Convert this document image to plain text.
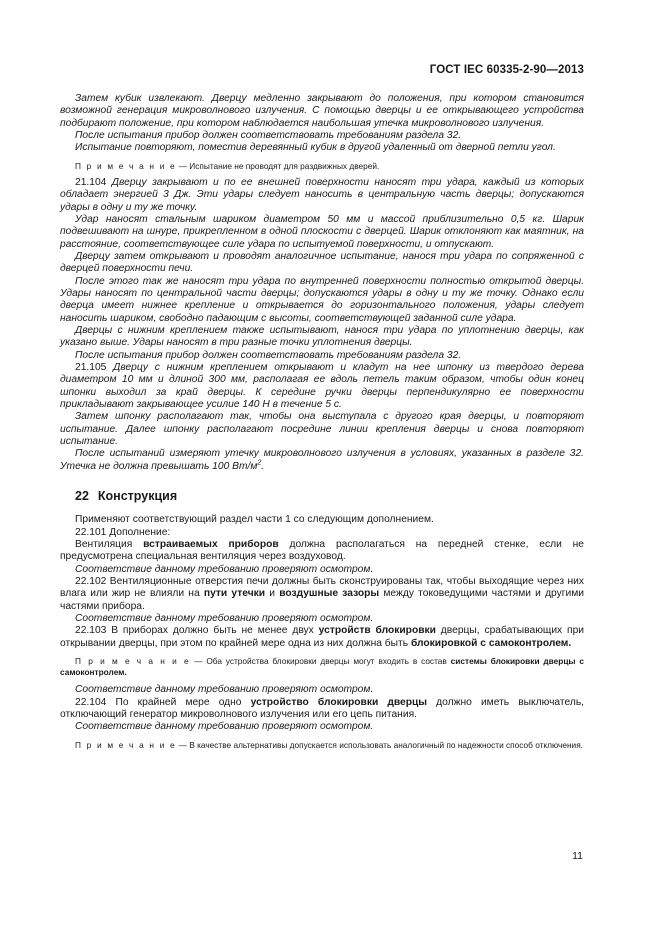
ГОСТ IEC 60335-2-90—2013

Затем кубик извлекают. Дверцу медленно закрывают до положения, при котором становится возможной генерация микроволнового излучения. С помощью дверцы и ее открывающего устройства подбирают положение, при котором наблюдается наибольшая утечка микроволнового излучения.

После испытания прибор должен соответствовать требованиям раздела 32.

Испытание повторяют, поместив деревянный кубик в другой удаленный от дверной петли угол.

П р и м е ч а н и е — Испытание не проводят для раздвижных дверей.

21.104 Дверцу закрывают и по ее внешней поверхности наносят три удара, каждый из которых обладает энергией 3 Дж. Эти удары следует наносить в центральную часть дверцы; допускаются удары в одну и ту же точку.

Удар наносят стальным шариком диаметром 50 мм и массой приблизительно 0,5 кг. Шарик подвешивают на шнуре, прикрепленном в одной плоскости с дверцей. Шарик отклоняют как маятник, на расстояние, соответствующее силе удара по испытуемой поверхности, и отпускают.

Дверцу затем открывают и проводят аналогичное испытание, нанося три удара по сопряженной с дверцей поверхности печи.

После этого так же наносят три удара по внутренней поверхности полностью открытой дверцы. Удары наносят по центральной части дверцы; допускаются удары в одну и ту же точку. Однако если дверца имеет нижнее крепление и открывается до горизонтального положения, удары следует наносить шариком, свободно падающим с высоты, соответствующей заданной силе удара.

Дверцы с нижним креплением также испытывают, нанося три удара по уплотнению дверцы, как указано выше. Удары наносят в три разные точки уплотнения дверцы.

После испытания прибор должен соответствовать требованиям раздела 32.

21.105 Дверцу с нижним креплением открывают и кладут на нее шпонку из твердого дерева диаметром 10 мм и длиной 300 мм, располагая ее вдоль петель таким образом, чтобы один конец шпонки выходил за край дверцы. К середине ручки дверцы перпендикулярно ее поверхности прикладывают закрывающее усилие 140 Н в течение 5 с.

Затем шпонку располагают так, чтобы она выступала с другого края дверцы, и повторяют испытание. Далее шпонку располагают посредине линии крепления дверцы и снова повторяют испытание.

После испытаний измеряют утечку микроволнового излучения в условиях, указанных в разделе 32. Утечка не должна превышать 100 $Вт/м^2$.

22 Конструкция

Применяют соответствующий раздел части 1 со следующим дополнением.

22.101 Дополнение:

Вентиляция встраиваемых приборов должна располагаться на передней стенке, если не предусмотрена специальная вентиляция через воздуховод.

Соответствие данному требованию проверяют осмотром.

22.102 Вентиляционные отверстия печи должны быть сконструированы так, чтобы выходящие через них влага или жир не влияли на пути утечки и воздушные зазоры между токоведущими частями и другими частями прибора.

Соответствие данному требованию проверяют осмотром.

22.103 В приборах должно быть не менее двух устройств блокировки дверцы, срабатывающих при открывании дверцы, при этом по крайней мере одна из них должна быть блокировкой с самоконтролем.

П р и м е ч а н и е — Оба устройства блокировки дверцы могут входить в состав системы блокировки дверцы с самоконтролем.

Соответствие данному требованию проверяют осмотром.

22.104 По крайней мере одно устройство блокировки дверцы должно иметь выключатель, отключающий генератор микроволнового излучения или его цепь питания.

Соответствие данному требованию проверяют осмотром.

П р и м е ч а н и е — В качестве альтернативы допускается использовать аналогичный по надежности способ отключения.

11
